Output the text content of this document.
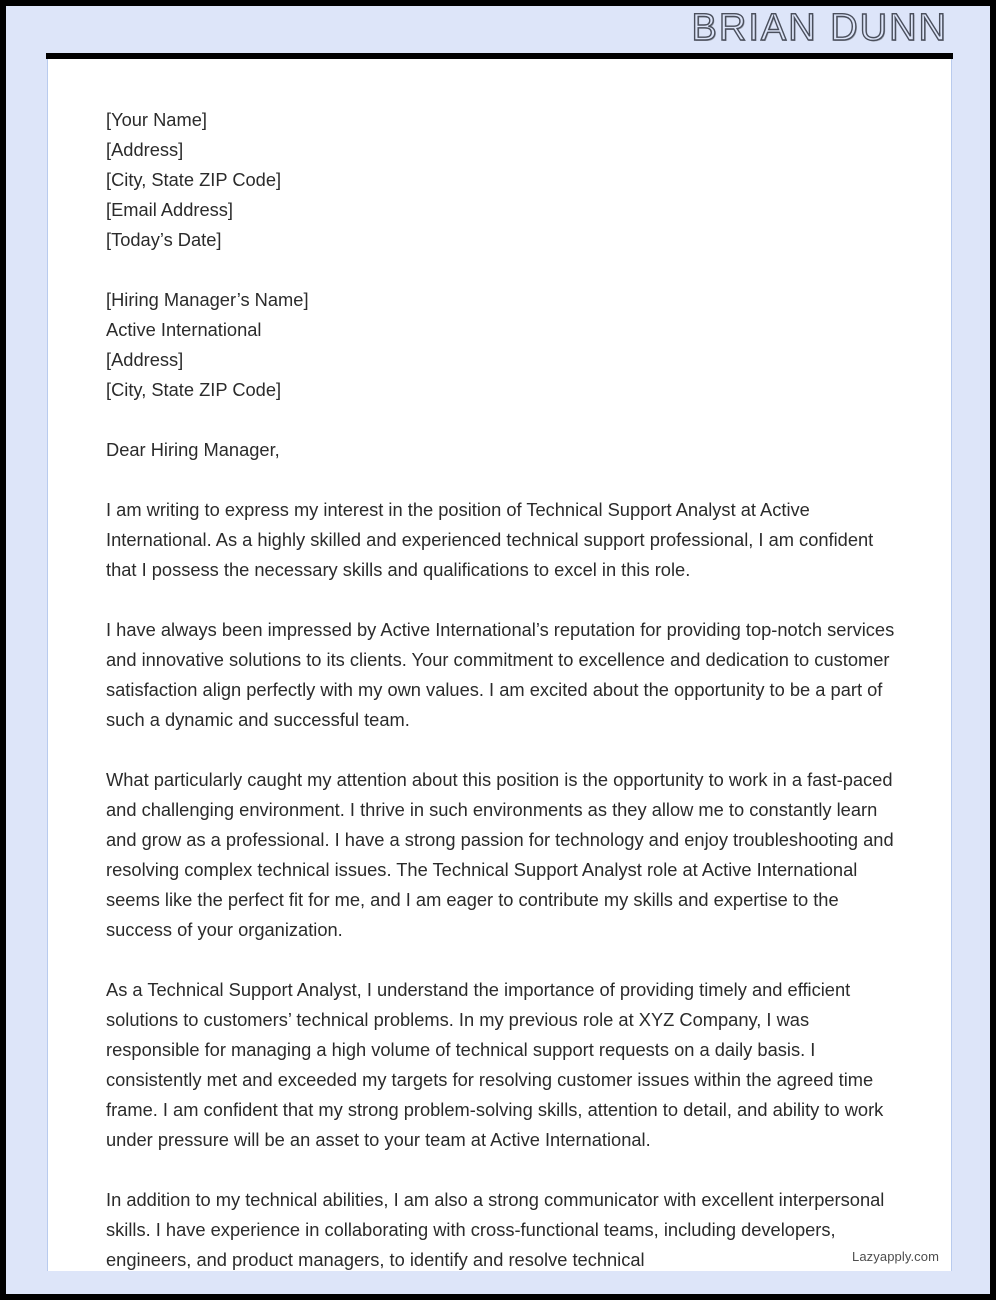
BRIAN DUNN
[Your Name]
[Address]
[City, State ZIP Code]
[Email Address]
[Today’s Date]
[Hiring Manager’s Name]
Active International
[Address]
[City, State ZIP Code]

Dear Hiring Manager,

I am writing to express my interest in the position of Technical Support Analyst at Active International. As a highly skilled and experienced technical support professional, I am confident that I possess the necessary skills and qualifications to excel in this role.

I have always been impressed by Active International’s reputation for providing top-notch services and innovative solutions to its clients. Your commitment to excellence and dedication to customer satisfaction align perfectly with my own values. I am excited about the opportunity to be a part of such a dynamic and successful team.

What particularly caught my attention about this position is the opportunity to work in a fast-paced and challenging environment. I thrive in such environments as they allow me to constantly learn and grow as a professional. I have a strong passion for technology and enjoy troubleshooting and resolving complex technical issues. The Technical Support Analyst role at Active International seems like the perfect fit for me, and I am eager to contribute my skills and expertise to the success of your organization.

As a Technical Support Analyst, I understand the importance of providing timely and efficient solutions to customers’ technical problems. In my previous role at XYZ Company, I was responsible for managing a high volume of technical support requests on a daily basis. I consistently met and exceeded my targets for resolving customer issues within the agreed time frame. I am confident that my strong problem-solving skills, attention to detail, and ability to work under pressure will be an asset to your team at Active International.

In addition to my technical abilities, I am also a strong communicator with excellent interpersonal skills. I have experience in collaborating with cross-functional teams, including developers, engineers, and product managers, to identify and resolve technical	Lazyapply.com
